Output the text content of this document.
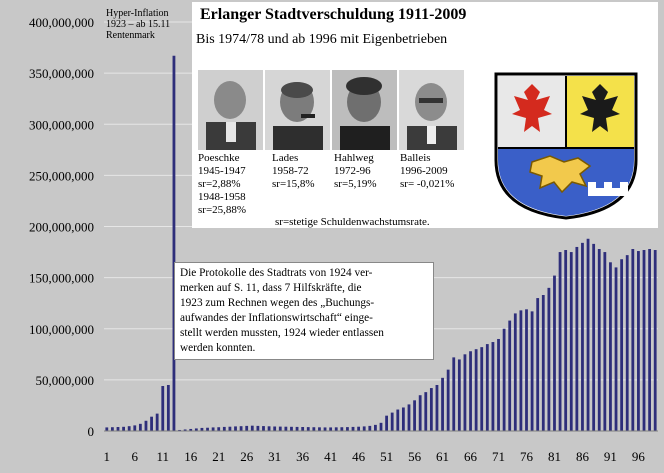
0
50,000,000
100,000,000
150,000,000
200,000,000
250,000,000
300,000,000
350,000,000
400,000,000
1 6 11 16 21 26 31 36 41 46 51 56 61 66 71 76 81 86 91 96
Hyper-Inflation
1923 – ab 15.11
Rentenmark
Erlanger Stadtverschuldung 1911-2009
Bis 1974/78 und ab 1996 mit Eigenbetrieben
Poeschke
1945-1947
sr=2,88%
1948-1958
sr=25,88%
Lades
1958-72
sr=15,8%
Hahlweg
1972-96
sr=5,19%
Balleis
1996-2009
sr= -0,021%
sr=stetige Schuldenwachstumsrate.
Die Protokolle des Stadtrats von 1924 ver-
merken auf S. 11, dass 7 Hilfskräfte, die
1923 zum Rechnen wegen des „Buchungs-
aufwandes der Inflationswirtschaft“ einge-
stellt werden mussten, 1924 wieder entlassen
werden konnten.
